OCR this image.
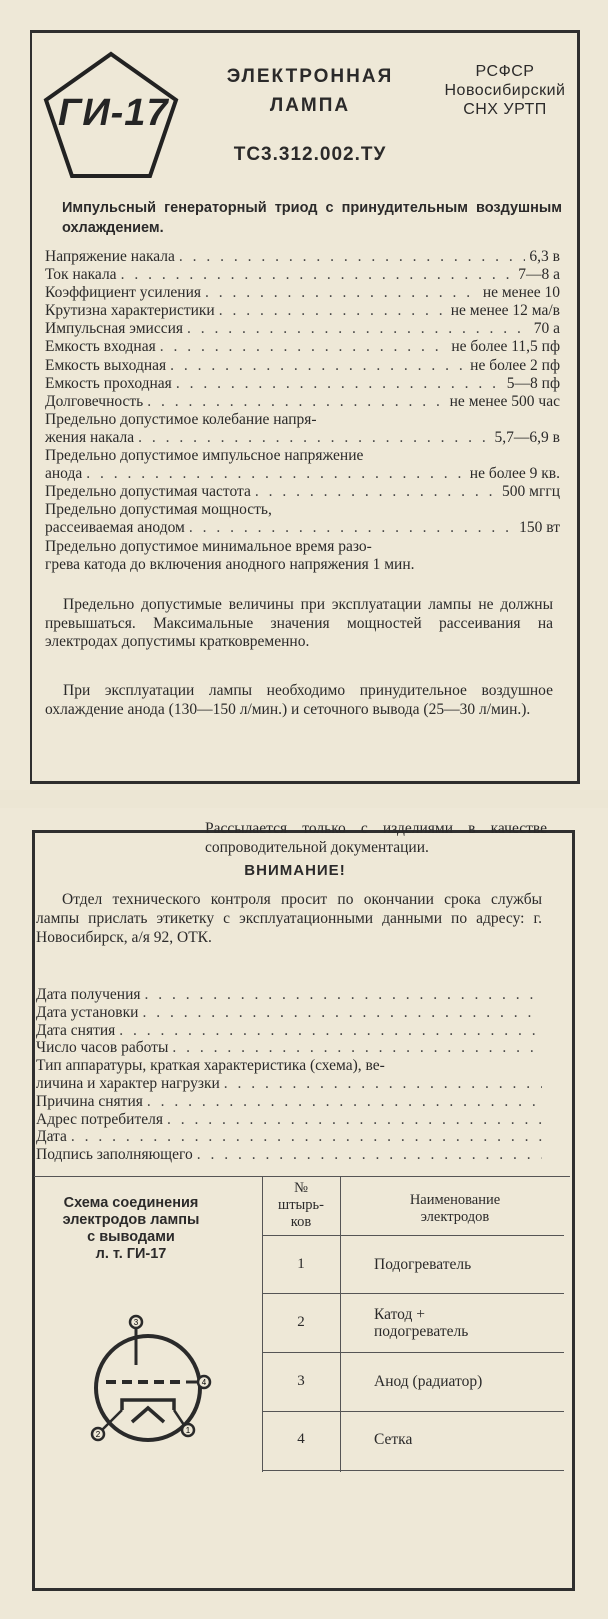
ГИ-17
ЭЛЕКТРОННАЯ
ЛАМПА
ТС3.312.002.ТУ
РСФСР
Новосибирский
СНХ УРТП
Импульсный генераторный триод с принудительным воздушным охлаждением.
Напряжение накала . . .	6,3 в
Ток накала . . .	7—8 а
Коэффициент усиления . . .	не менее 10
Крутизна характеристики . . .	не менее 12 ма/в
Импульсная эмиссия . . .	70 а
Емкость входная . . .	не более 11,5 пф
Емкость выходная . . .	не более 2 пф
Емкость проходная . . .	5—8 пф
Долговечность . . .	не менее 500 час
Предельно допустимое колебание напря-
жения накала . . .	5,7—6,9 в
Предельно допустимое импульсное напряжение
анода . . .	не более 9 кв.
Предельно допустимая частота . . .	500 мггц
Предельно допустимая мощность,
рассеиваемая анодом . . .	150 вт
Предельно допустимое минимальное время разо-
грева катода до включения анодного напряжения 1 мин.
Предельно допустимые величины при эксплуатации лампы не должны превышаться. Максимальные значения мощностей рассеивания на электродах допустимы кратковременно.
При эксплуатации лампы необходимо принудительное воздушное охлаждение анода (130—150 л/мин.) и сеточного вывода (25—30 л/мин.).
Рассылается только с изделиями в качестве сопроводительной документации.
ВНИМАНИЕ!
Отдел технического контроля просит по окончании срока службы лампы прислать этикетку с эксплуатационными данными по адресу: г. Новосибирск, а/я 92, ОТК.
Дата получения
. . .
Дата установки
. . .
Дата снятия
. . .
Число часов работы
. . .
Тип аппаратуры, краткая характеристика (схема), ве-
личина и характер нагрузки
. . .
Причина снятия
. . .
Адрес потребителя
. . .
Дата
. . .
Подпись заполняющего
. . .
Схема соединения
электродов лампы
с выводами
л. т. ГИ-17
№
штырь-
ков
Наименование
электродов
1	Подогреватель
2	Катод +
подогреватель
3	Анод (радиатор)
4	Сетка
3
4
2	1
